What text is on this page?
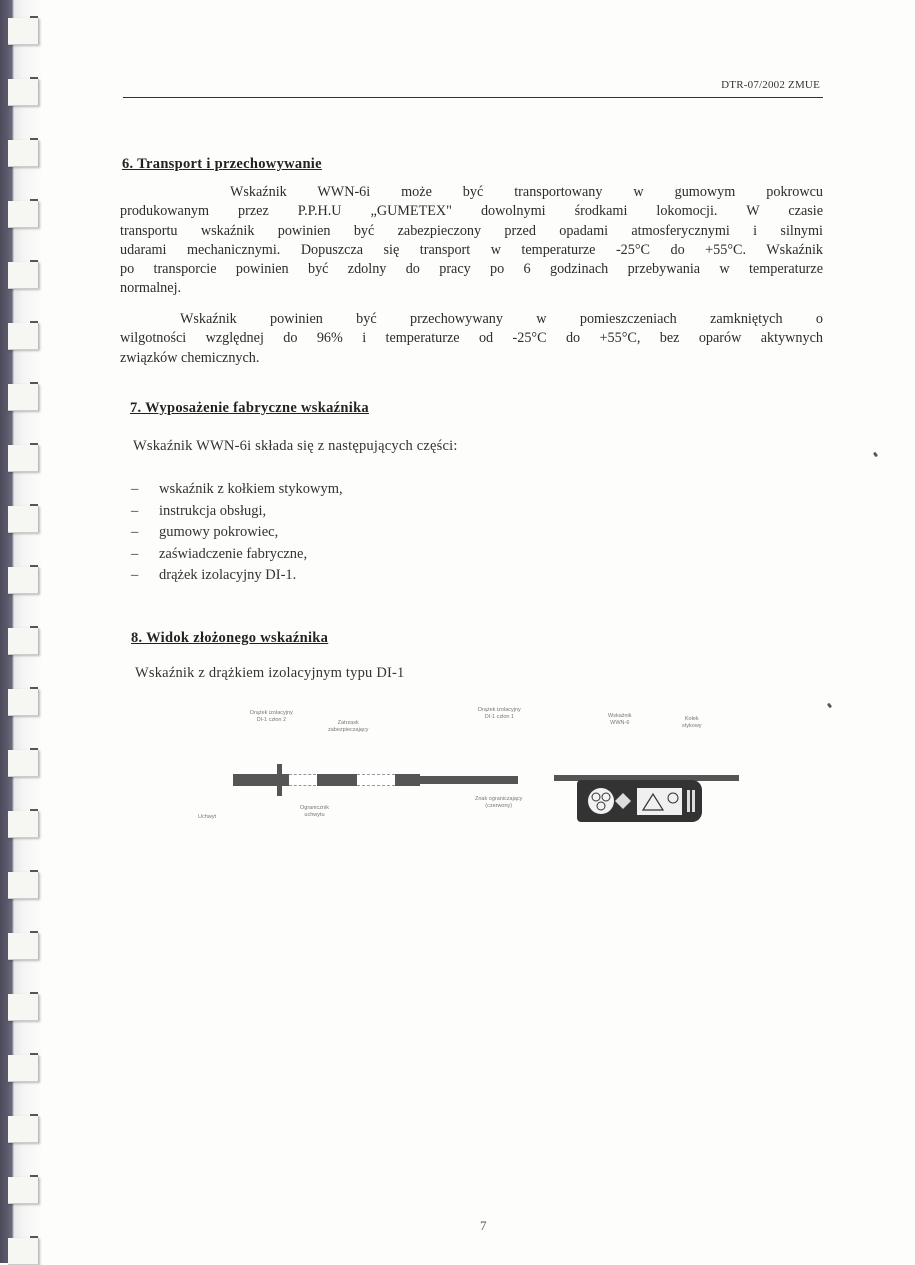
DTR-07/2002 ZMUE
6. Transport i przechowywanie
Wskaźnik WWN-6i może być transportowany w gumowym pokrowcu
produkowanym przez P.P.H.U „GUMETEX" dowolnymi środkami lokomocji. W czasie
transportu wskaźnik powinien być zabezpieczony przed opadami atmosferycznymi i silnymi
udarami mechanicznymi. Dopuszcza się transport w temperaturze -25°C do +55°C. Wskaźnik
po transporcie powinien być zdolny do pracy po 6 godzinach przebywania w temperaturze
normalnej.
Wskaźnik powinien być przechowywany w pomieszczeniach zamkniętych o
wilgotności względnej do 96% i temperaturze od -25°C do +55°C, bez oparów aktywnych
związków chemicznych.
7. Wyposażenie fabryczne wskaźnika
Wskaźnik WWN-6i składa się z następujących części:
–	wskaźnik z kołkiem stykowym,
–	instrukcja obsługi,
–	gumowy pokrowiec,
–	zaświadczenie fabryczne,
–	drążek izolacyjny DI-1.
8. Widok złożonego wskaźnika
Wskaźnik z drążkiem izolacyjnym typu DI-1
Drążek izolacyjny
DI-1 człon 2	Zatrzask
zabezpieczający
Drążek izolacyjny
DI-1 człon 1	Wskaźnik
WWN-6
Kołek
stykowy
Uchwyt
Ogranicznik
uchwytu
Znak ograniczający
(czerwony)
7
